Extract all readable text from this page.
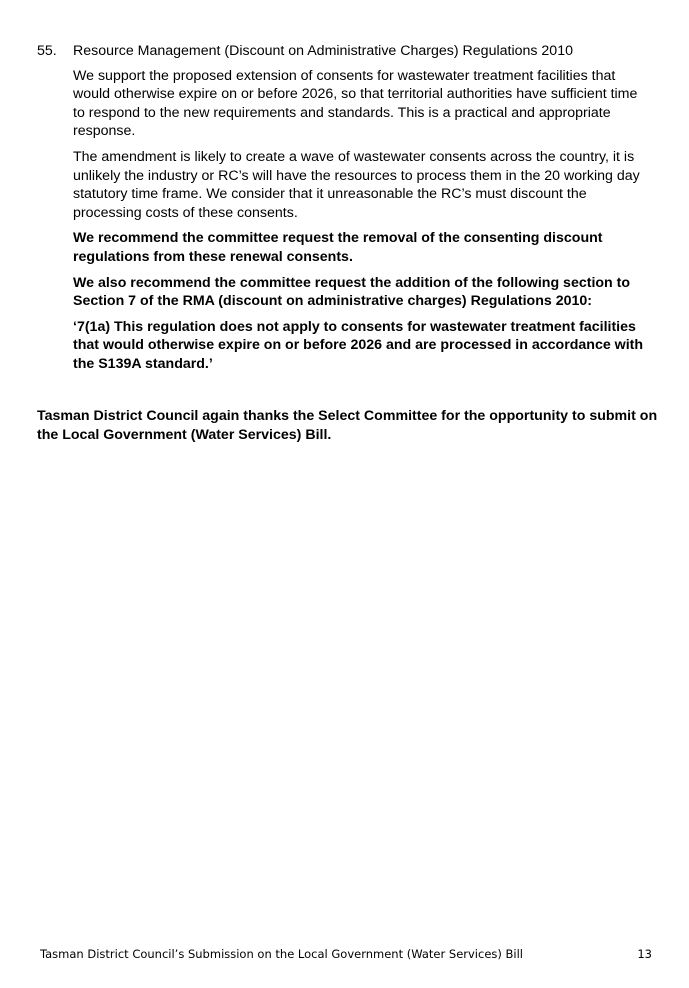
55.	Resource Management (Discount on Administrative Charges) Regulations 2010

We support the proposed extension of consents for wastewater treatment facilities that would otherwise expire on or before 2026, so that territorial authorities have sufficient time to respond to the new requirements and standards. This is a practical and appropriate response.

The amendment is likely to create a wave of wastewater consents across the country, it is unlikely the industry or RC’s will have the resources to process them in the 20 working day statutory time frame. We consider that it unreasonable the RC’s must discount the processing costs of these consents.

We recommend the committee request the removal of the consenting discount regulations from these renewal consents.

We also recommend the committee request the addition of the following section to Section 7 of the RMA (discount on administrative charges) Regulations 2010:

‘7(1a) This regulation does not apply to consents for wastewater treatment facilities that would otherwise expire on or before 2026 and are processed in accordance with the S139A standard.’

Tasman District Council again thanks the Select Committee for the opportunity to submit on the Local Government (Water Services) Bill.

Tasman District Council’s Submission on the Local Government (Water Services) Bill	13
